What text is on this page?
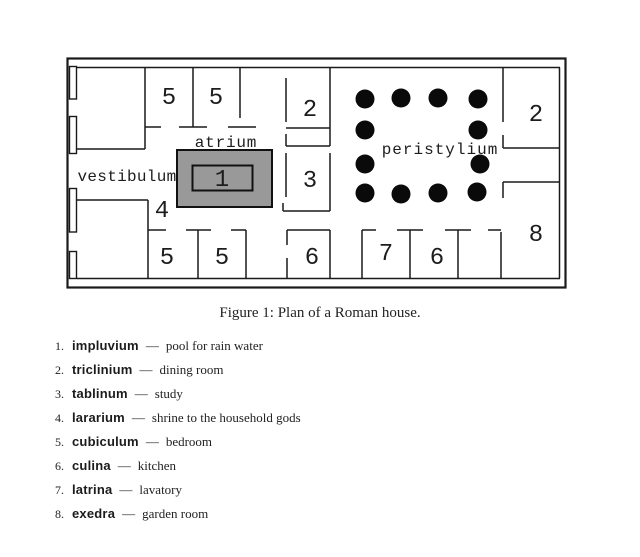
vestibulum
atrium	peristylium
1
5 5	2
3
4
5 5	6 7 6
2
8
Figure 1: Plan of a Roman house.
1. impluvium — pool for rain water
2. triclinium — dining room
3. tablinum — study
4. lararium — shrine to the household gods
5. cubiculum — bedroom
6. culina — kitchen
7. latrina — lavatory
8. exedra — garden room
